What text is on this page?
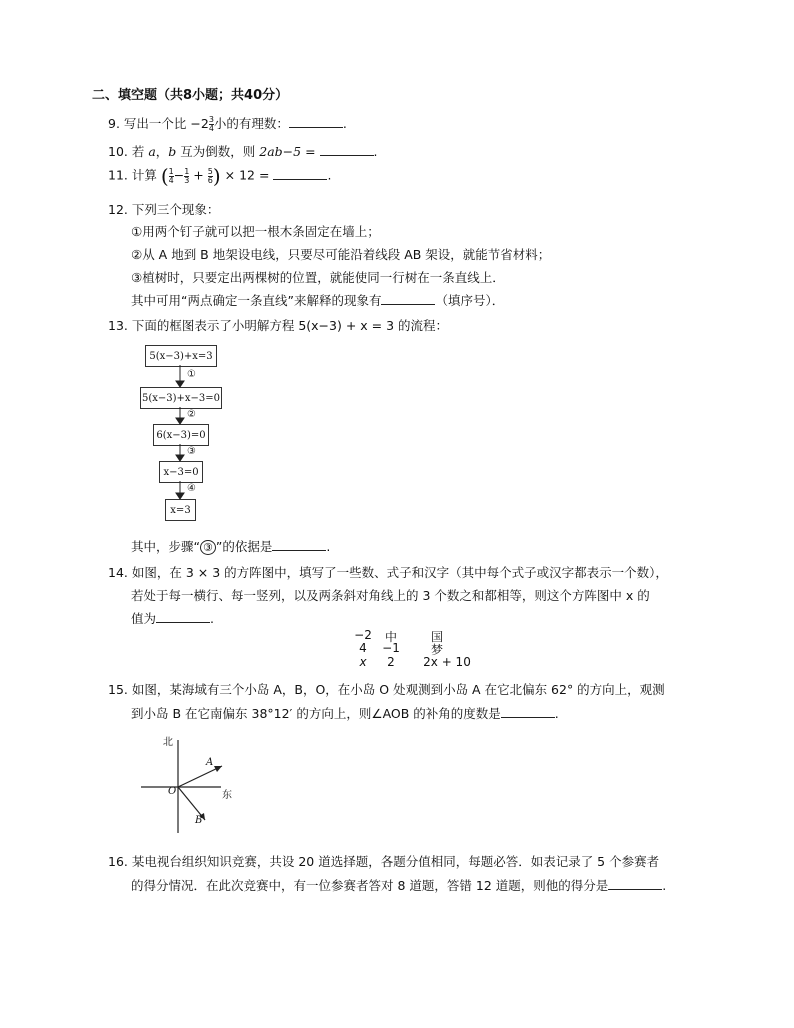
二、填空题（共8小题；共40分）
9. 写出一个比 $-2 \frac{3}{4}$ 小的有理数：	.
10. 若 a，b 互为倒数，则 2ab−5 =	.
11. 计算 ( $\frac{1}{4} - \frac{1}{3} + \frac{5}{6}$ ) × 12 =	.
12. 下列三个现象：
①用两个钉子就可以把一根木条固定在墙上；
②从 A 地到 B 地架设电线，只要尽可能沿着线段 AB 架设，就能节省材料；
③植树时，只要定出两棵树的位置，就能使同一行树在一条直线上．
其中可用“两点确定一条直线”来解释的现象有	（填序号）．
13. 下面的框图表示了小明解方程 5(x−3) + x = 3 的流程：
5(x−3)+x=3
5(x−3)+x−3=0
6(x−3)=0
x−3=0
x=3
①
②
③
④
其中，步骤“ ③ ”的依据是	.
14. 如图，在 3 × 3 的方阵图中，填写了一些数、式子和汉字（其中每个式子或汉字都表示一个数），
若处于每一横行、每一竖列，以及两条斜对角线上的 3 个数之和都相等，则这个方阵图中 x 的
值为	.
−2	中	国
4	−1	梦
x	2	2x + 10
15. 如图，某海域有三个小岛 A，B，O，在小岛 O 处观测到小岛 A 在它北偏东 62° 的方向上，观测
到小岛 B 在它南偏东 38°12′ 的方向上，则∠AOB 的补角的度数是	.
北
东
A
O
B
16. 某电视台组织知识竞赛，共设 20 道选择题，各题分值相同，每题必答．如表记录了 5 个参赛者
的得分情况．在此次竞赛中，有一位参赛者答对 8 道题，答错 12 道题，则他的得分是	.
